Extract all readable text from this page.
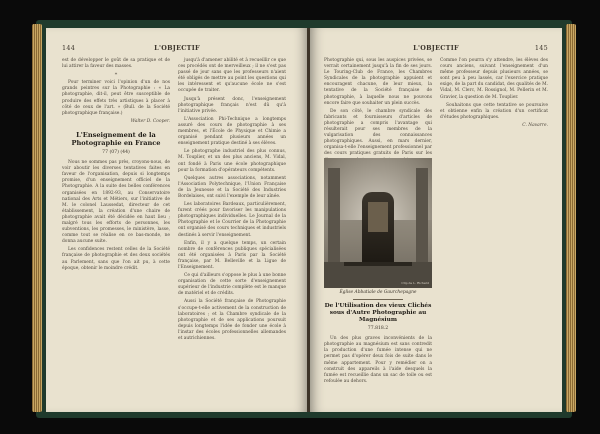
144	L'OBJECTIF

est de développer le goût de sa pratique et de lui attirer la faveur des masses.

*

Pour terminer voici l'opinion d'un de nos grands peintres sur la Photographie : « La photographie, dit-il, peut être susceptible de produire des effets très artistiques à placer à côté de ceux de l'art. » (Bull. de la Société photographique française.)

Walter D. Cooper.
L'Enseignement de la Photographie en France
77 (07) (44)

Nous ne sommes pas près, croyons-nous, de voir aboutir les diverses tentatives faites en faveur de l'organisation, depuis si longtemps promise, d'un enseignement officiel de la Photographie. A la suite des belles conférences organisées en 1892-93, au Conservatoire national des Arts et Métiers, sur l'initiative de M. le colonel Laussedat, directeur de cet établissement, la création d'une chaire de photographie avait été décidée en haut lieu ; malgré tous les efforts de personnes, les subventions, les promesses, le ministère, lasse, comme tout se réalise en ce bas-monde, ne donna aucune suite.

Les confidences restent celles de la Société française de photographie et des deux sociétés au Parlement, sans que l'on ait pu, à cette époque, obtenir le moindre crédit.

jusqu'à d'amener abilité et à recueillir ce que ces procédés ont de merveilleux ; il ne s'est pas passé de jour sans que les professeurs n'aient été obligés de mettre au point les questions qui les intéressent et qu'aucune école ne s'est occupée de traiter.

Jusqu'à présent donc, l'enseignement photographique français n'est dû qu'à l'initiative privée.

L'Association Phi-Technique a longtemps assuré des cours de photographie à ses membres, et l'École de Physique et Chimie a organisé pendant plusieurs années un enseignement pratique destiné à ses élèves.

Le photographe industriel des plus connus, M. Touplier, et un des plus anciens, M. Vidal, ont fondé à Paris une école photographique pour la formation d'opérateurs compétents.

Quelques autres associations, notamment l'Association Polytechnique, l'Union Française de la Jeunesse et la Société des Industries Bordelaises, ont suivi l'exemple de leur aînée.

Les laboratoires Bardeaux, particulièrement, furent créés pour favoriser les manipulations photographiques individuelles. Le Journal de la Photographie et le Courrier de la Photographie ont organisé des cours techniques et industriels destinés à servir l'enseignement.

Enfin, il y a quelque temps, un certain nombre de conférences publiques spécialisées ont été organisées à Paris par la Société française, par M. Belleville et la Ligue de l'Enseignement.

Ce qui d'ailleurs s'oppose le plus à une bonne organisation de cette sorte d'enseignement supérieur de l'industrie complète est le manque de matériel et de crédits.

Aussi la Société française de Photographie s'occupe-t-elle activement de la construction de laboratoires ; et la Chambre syndicale de la photographie et de ses applications poursuit depuis longtemps l'idée de fonder une école à l'instar des écoles professionnelles allemandes et autrichiennes.

L'OBJECTIF	145

Photographie qui, sous les auspices privées, se verrait certainement jusqu'à la fin de ses jours. Le Touring-Club de France, les Chambres Syndicales de la photographie appuient et encouragent chacune, de leur mieux, la tentative de la Société française de photographie, à laquelle nous ne pouvons encore faire que souhaiter un plein succès.

De son côté, le chambre syndicale des fabricants et fournisseurs d'articles de photographie a compris l'avantage qui résulterait pour ses membres de la vulgarisation des connaissances photographiques. Aussi, en mars dernier, organisa-t-elle l'enseignement professionnel par des cours pratiques gratuits de Paris sur les

Comme l'on pourra s'y attendre, les élèves des cours anciens, suivant l'enseignement d'un même professeur depuis plusieurs années, se sont peu à peu lassés, car l'exercice pratique exige, de la part du candidat, des qualités de M. Vidal, M. Clerc, M. Rossignol, M. Pellerin et M. Gravier, la question de M. Touplier.

Souhaitons que cette tentative se poursuive et obtienne enfin la création d'un certificat d'études photographiques.

C. Navarre.
Clip de L. Richard
Église Abbatiale de Gaurchepagne
De l'Utilisation des vieux Clichés sous d'Autre Photographie au Magnésium
77.818.2

Un des plus graves inconvénients de la photographie au magnésium est sans contredit la production d'une fumée intense qui ne permet pas d'opérer deux fois de suite dans le même appartement. Pour y remédier on a construit des appareils à l'aide desquels la fumée est recueillie dans un sac de toile ou est refoulée au dehors.
